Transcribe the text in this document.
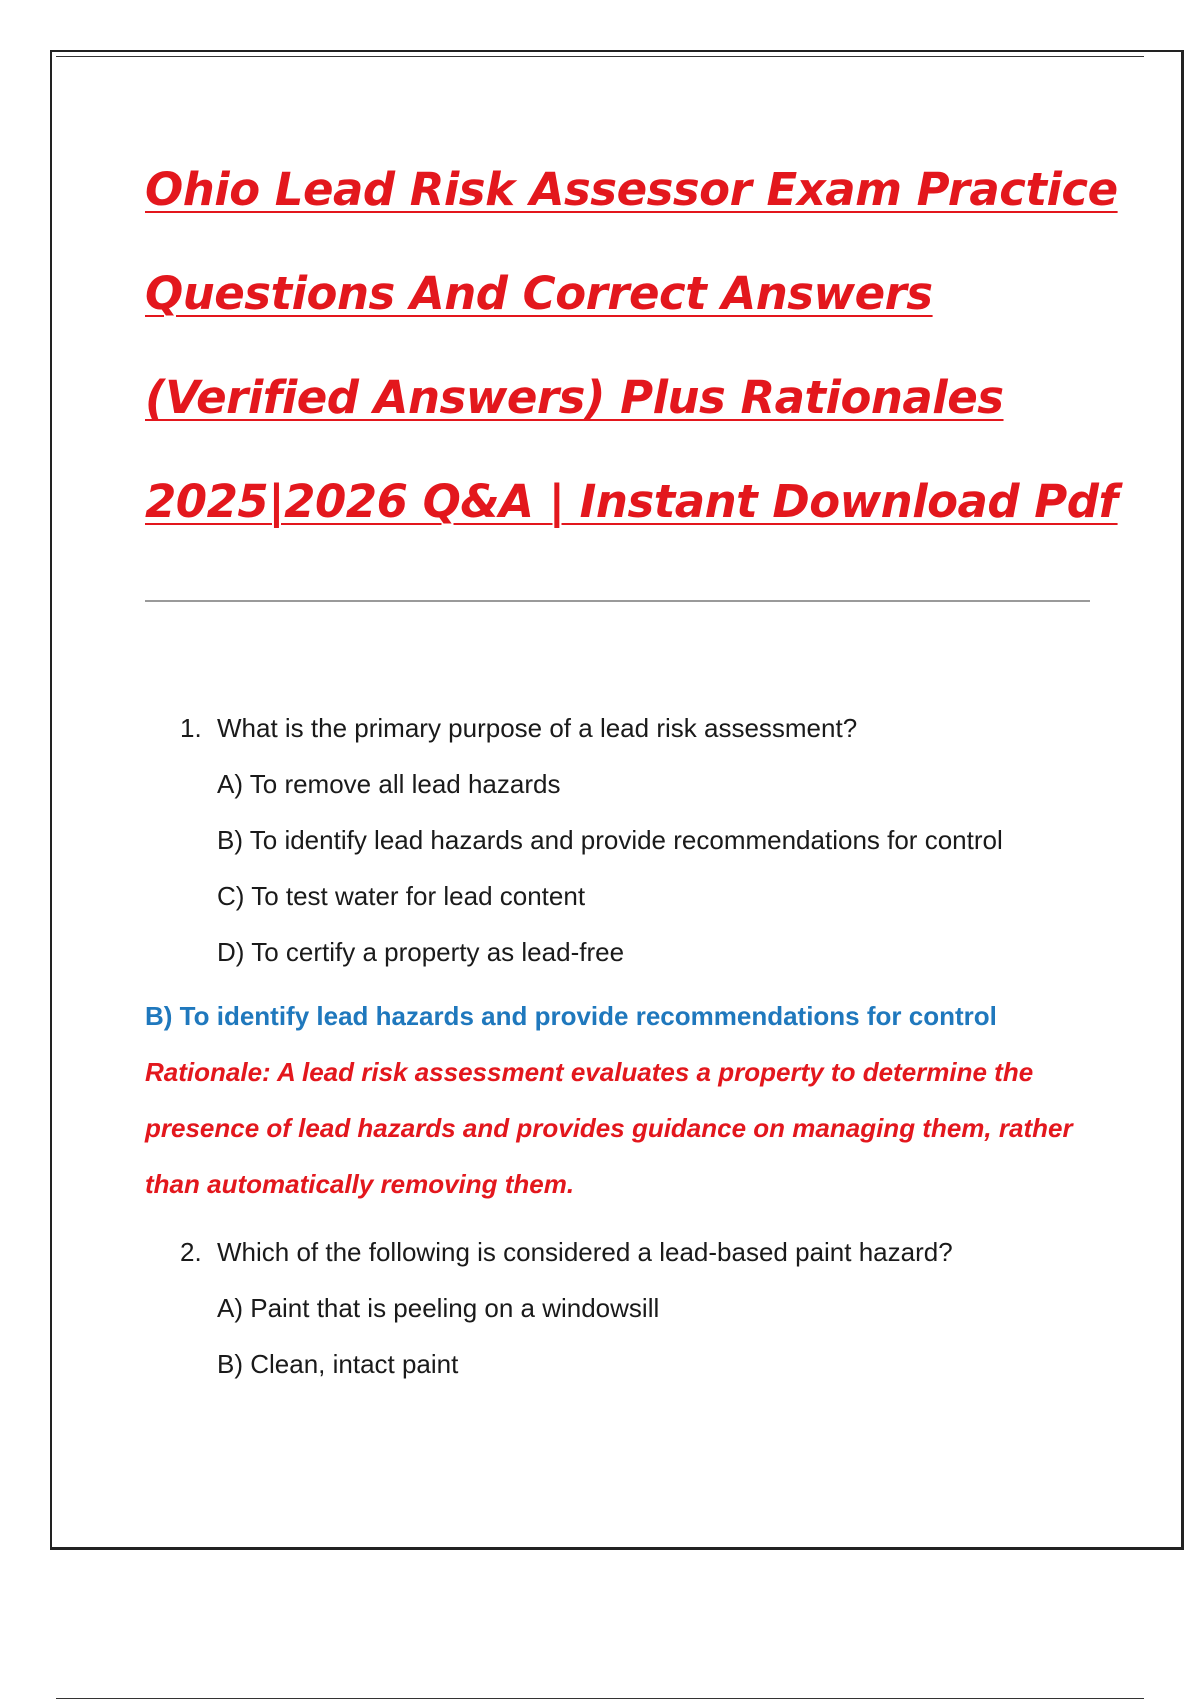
Ohio Lead Risk Assessor Exam Practice
Questions And Correct Answers
(Verified Answers) Plus Rationales
2025|2026 Q&A | Instant Download Pdf
1. What is the primary purpose of a lead risk assessment?
A) To remove all lead hazards
B) To identify lead hazards and provide recommendations for control
C) To test water for lead content
D) To certify a property as lead-free
B) To identify lead hazards and provide recommendations for control
Rationale: A lead risk assessment evaluates a property to determine the
presence of lead hazards and provides guidance on managing them, rather
than automatically removing them.
2. Which of the following is considered a lead-based paint hazard?
A) Paint that is peeling on a windowsill
B) Clean, intact paint
